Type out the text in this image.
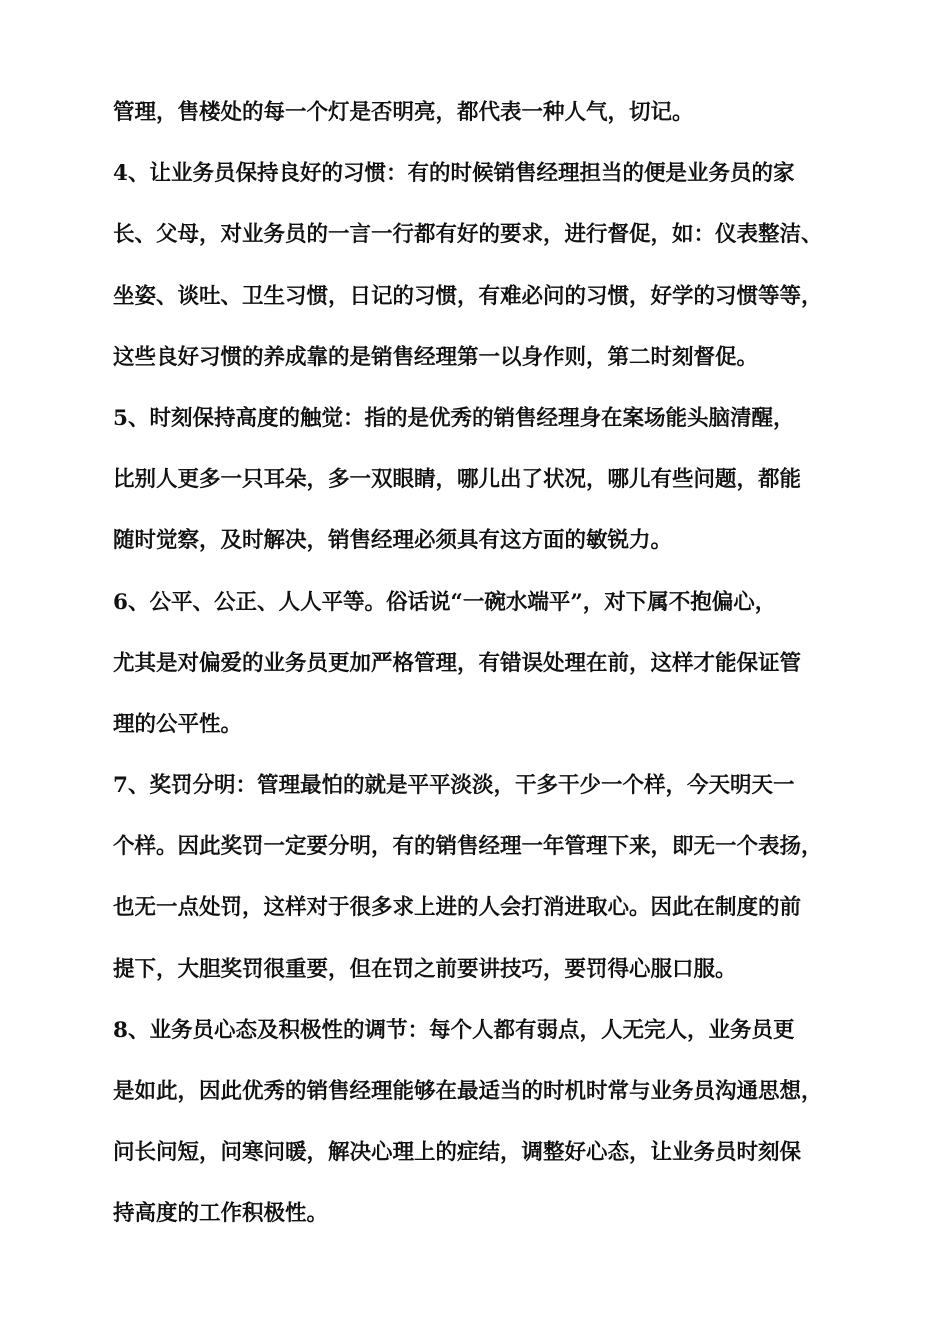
管理，售楼处的每一个灯是否明亮，都代表一种人气，切记。
4、让业务员保持良好的习惯：有的时候销售经理担当的便是业务员的家
长、父母，对业务员的一言一行都有好的要求，进行督促，如：仪表整洁、
坐姿、谈吐、卫生习惯，日记的习惯，有难必问的习惯，好学的习惯等等，
这些良好习惯的养成靠的是销售经理第一以身作则，第二时刻督促。
5、时刻保持高度的触觉：指的是优秀的销售经理身在案场能头脑清醒，
比别人更多一只耳朵，多一双眼睛，哪儿出了状况，哪儿有些问题，都能
随时觉察，及时解决，销售经理必须具有这方面的敏锐力。
6、公平、公正、人人平等。俗话说“一碗水端平”，对下属不抱偏心，
尤其是对偏爱的业务员更加严格管理，有错误处理在前，这样才能保证管
理的公平性。
7、奖罚分明：管理最怕的就是平平淡淡，干多干少一个样，今天明天一
个样。因此奖罚一定要分明，有的销售经理一年管理下来，即无一个表扬，
也无一点处罚，这样对于很多求上进的人会打消进取心。因此在制度的前
提下，大胆奖罚很重要，但在罚之前要讲技巧，要罚得心服口服。
8、业务员心态及积极性的调节：每个人都有弱点，人无完人，业务员更
是如此，因此优秀的销售经理能够在最适当的时机时常与业务员沟通思想，
问长问短，问寒问暖，解决心理上的症结，调整好心态，让业务员时刻保
持高度的工作积极性。
